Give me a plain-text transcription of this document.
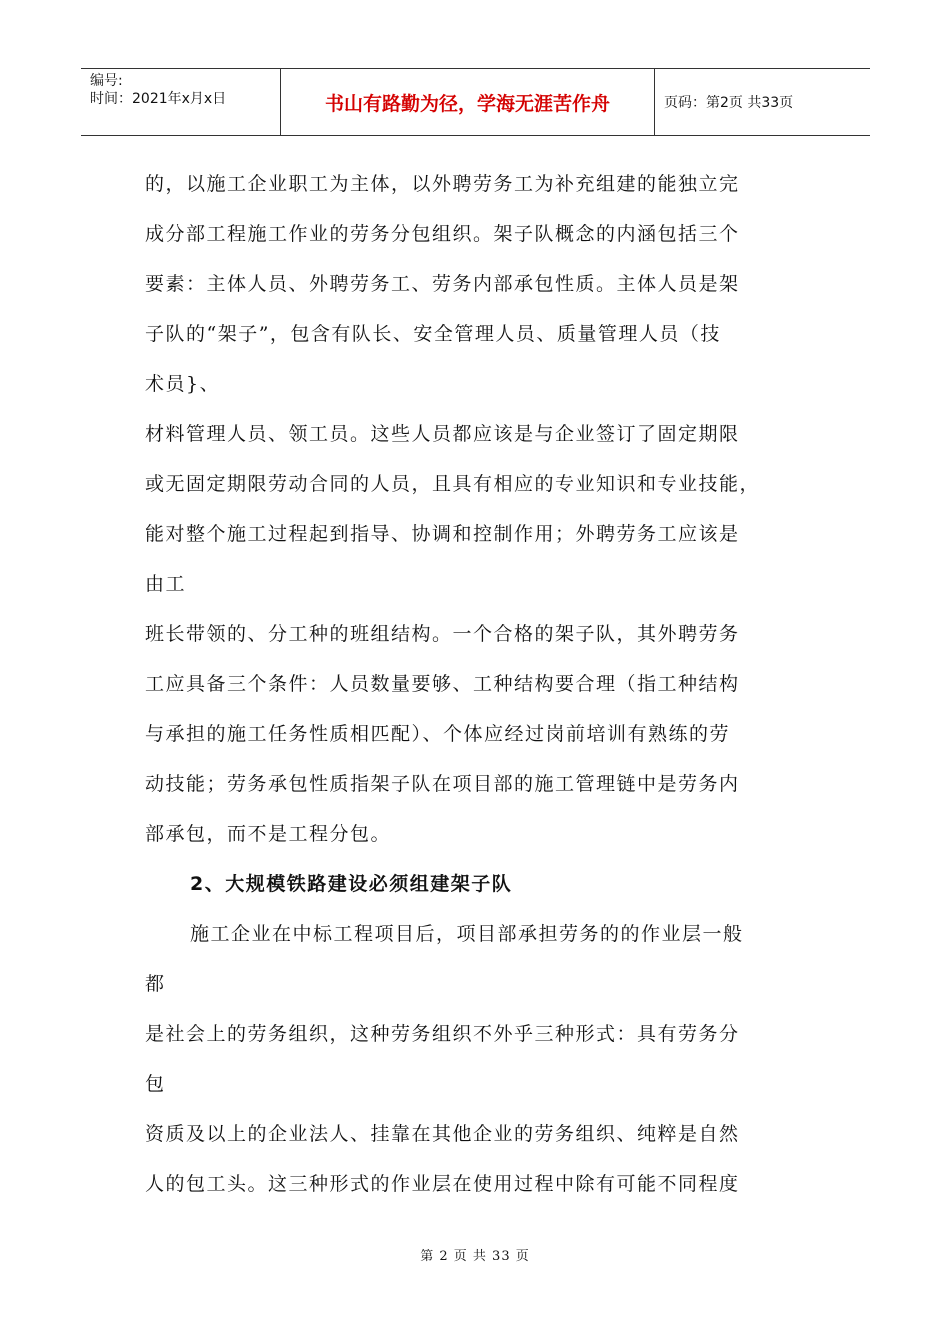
编号:
时间：2021年x月x日	书山有路勤为径，学海无涯苦作舟	页码：第2页 共33页
的，以施工企业职工为主体，以外聘劳务工为补充组建的能独立完
成分部工程施工作业的劳务分包组织。架子队概念的内涵包括三个
要素：主体人员、外聘劳务工、劳务内部承包性质。主体人员是架
子队的“架子”，包含有队长、安全管理人员、质量管理人员（技
术员}、
材料管理人员、领工员。这些人员都应该是与企业签订了固定期限
或无固定期限劳动合同的人员，且具有相应的专业知识和专业技能，
能对整个施工过程起到指导、协调和控制作用；外聘劳务工应该是
由工
班长带领的、分工种的班组结构。一个合格的架子队，其外聘劳务
工应具备三个条件：人员数量要够、工种结构要合理（指工种结构
与承担的施工任务性质相匹配）、个体应经过岗前培训有熟练的劳
动技能；劳务承包性质指架子队在项目部的施工管理链中是劳务内
部承包，而不是工程分包。
2、大规模铁路建设必须组建架子队
施工企业在中标工程项目后，项目部承担劳务的的作业层一般
都
是社会上的劳务组织，这种劳务组织不外乎三种形式：具有劳务分
包
资质及以上的企业法人、挂靠在其他企业的劳务组织、纯粹是自然
人的包工头。这三种形式的作业层在使用过程中除有可能不同程度
第 2 页 共 33 页
